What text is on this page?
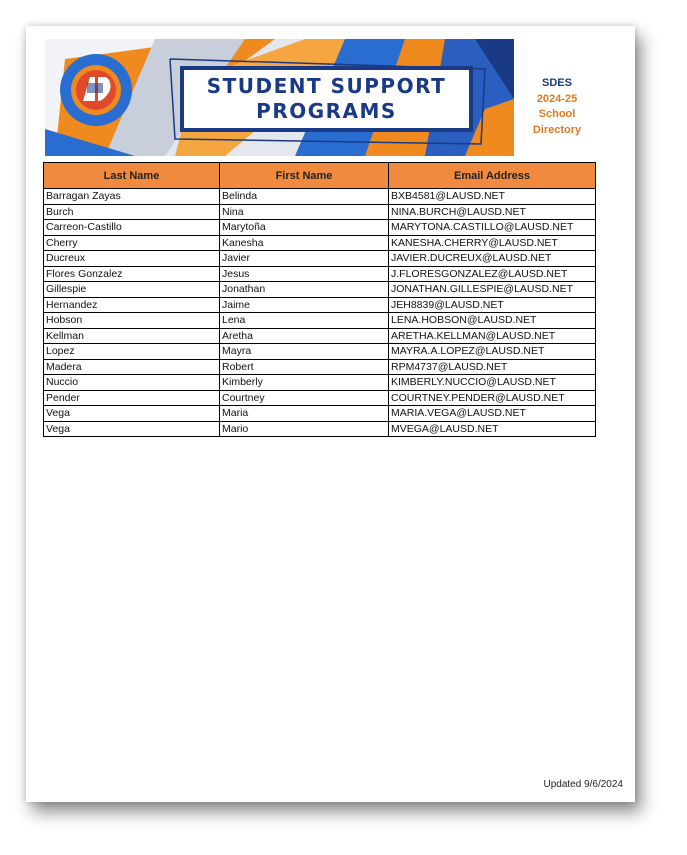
STUDENT SUPPORT
PROGRAMS
SDES
2024-25
School
Directory
Last Name	First Name	Email Address
Barragan Zayas	Belinda	BXB4581@LAUSD.NET
Burch	Nina	NINA.BURCH@LAUSD.NET
Carreon-Castillo	Marytoña	MARYTONA.CASTILLO@LAUSD.NET
Cherry	Kanesha	KANESHA.CHERRY@LAUSD.NET
Ducreux	Javier	JAVIER.DUCREUX@LAUSD.NET
Flores Gonzalez	Jesus	J.FLORESGONZALEZ@LAUSD.NET
Gillespie	Jonathan	JONATHAN.GILLESPIE@LAUSD.NET
Hernandez	Jaime	JEH8839@LAUSD.NET
Hobson	Lena	LENA.HOBSON@LAUSD.NET
Kellman	Aretha	ARETHA.KELLMAN@LAUSD.NET
Lopez	Mayra	MAYRA.A.LOPEZ@LAUSD.NET
Madera	Robert	RPM4737@LAUSD.NET
Nuccio	Kimberly	KIMBERLY.NUCCIO@LAUSD.NET
Pender	Courtney	COURTNEY.PENDER@LAUSD.NET
Vega	Maria	MARIA.VEGA@LAUSD.NET
Vega	Mario	MVEGA@LAUSD.NET
Updated 9/6/2024
